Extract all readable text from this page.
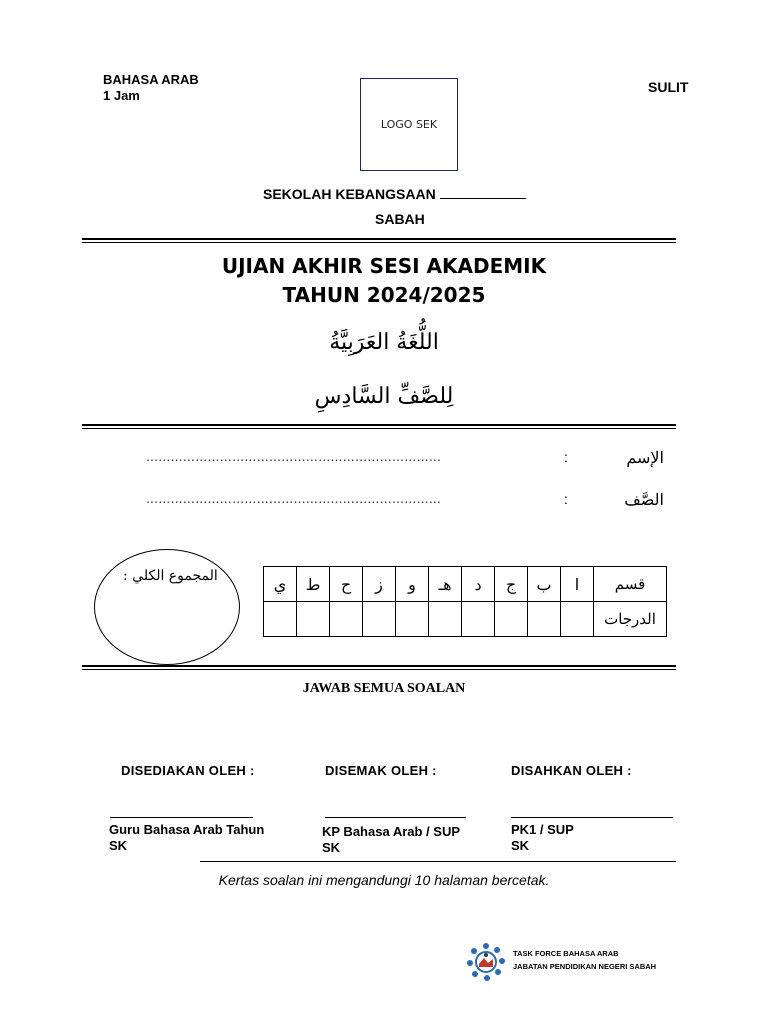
BAHASA ARAB
1 Jam
LOGO SEK
SULIT
SEKOLAH KEBANGSAAN
SABAH
UJIAN AKHIR SESI AKADEMIK
TAHUN 2024/2025
اللُّغَةُ العَرَبِيَّةُ
لِلصَّفِّ السَّادِسِ
………………………………………………………………	:	الإسم
………………………………………………………………	:	الصَّف
المجموع الكلي :	ي	ط	ح	ز	و	هـ	د	ج	ب	ا	قسم
										الدرجات
JAWAB SEMUA SOALAN
DISEDIAKAN OLEH :	DISEMAK OLEH :	DISAHKAN OLEH :
Guru Bahasa Arab Tahun
SK
KP Bahasa Arab / SUP
SK
PK1 / SUP
SK
Kertas soalan ini mengandungi 10 halaman bercetak.
TASK FORCE BAHASA ARAB
JABATAN PENDIDIKAN NEGERI SABAH
